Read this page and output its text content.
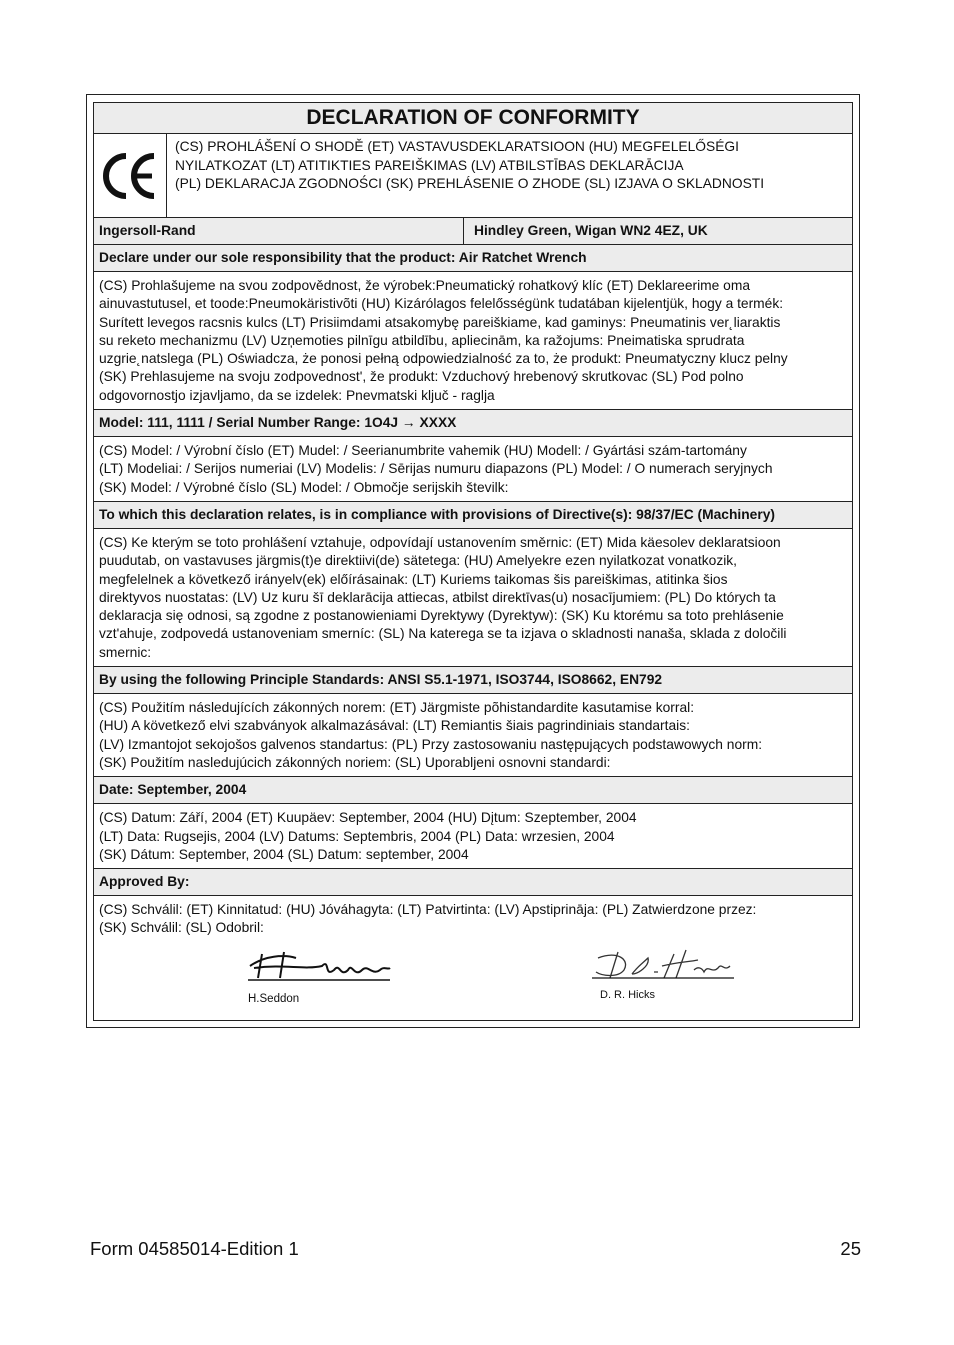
DECLARATION OF CONFORMITY
(CS) PROHLÁŠENÍ O SHODĚ (ET) VASTAVUSDEKLARATSIOON (HU) MEGFELELŐSÉGI
NYILATKOZAT (LT) ATITIKTIES PAREIŠKIMAS (LV) ATBILSTĪBAS DEKLARĀCIJA
(PL) DEKLARACJA ZGODNOŚCI (SK) PREHLÁSENIE O ZHODE (SL) IZJAVA O SKLADNOSTI
Ingersoll-Rand	Hindley Green, Wigan WN2 4EZ, UK
Declare under our sole responsibility that the product: Air Ratchet Wrench
(CS) Prohlašujeme na svou zodpovědnost, že výrobek:Pneumatický rohatkový klíc (ET) Deklareerime oma
ainuvastutusel, et toode:Pneumokäristivõti (HU) Kizárólagos felelősségünk tudatában kijelentjük, hogy a termék:
Surített levegos racsnis kulcs (LT) Prisiimdami atsakomybę pareiškiame, kad gaminys: Pneumatinis ver˛liaraktis
su reketo mechanizmu (LV) Uzņemoties pilnīgu atbildību, apliecinām, ka ražojums: Pneimatiska sprudrata
uzgrie˛natslega (PL) Oświadcza, że ponosi pełną odpowiedzialność za to, że produkt: Pneumatyczny klucz pelny
(SK) Prehlasujeme na svoju zodpovednost', že produkt: Vzduchový hrebenový skrutkovac (SL) Pod polno
odgovornostjo izjavljamo, da se izdelek: Pnevmatski ključ - raglja
Model: 111, 1111 / Serial Number Range: 1O4J → XXXX
(CS) Model: / Výrobní číslo (ET) Mudel: / Seerianumbrite vahemik (HU) Modell: / Gyártási szám-tartomány
(LT) Modeliai: / Serijos numeriai (LV) Modelis: / Sērijas numuru diapazons (PL) Model: / O numerach seryjnych
(SK) Model: / Výrobné číslo (SL) Model: / Območje serijskih številk:
To which this declaration relates, is in compliance with provisions of Directive(s): 98/37/EC (Machinery)
(CS) Ke kterým se toto prohlášení vztahuje, odpovídají ustanovením směrnic: (ET) Mida käesolev deklaratsioon
puudutab, on vastavuses järgmis(t)e direktiivi(de) sätetega: (HU) Amelyekre ezen nyilatkozat vonatkozik,
megfelelnek a következő irányelv(ek) előírásainak: (LT) Kuriems taikomas šis pareiškimas, atitinka šios
direktyvos nuostatas: (LV) Uz kuru šī deklarācija attiecas, atbilst direktīvas(u) nosacījumiem: (PL) Do których ta
deklaracja się odnosi, są zgodne z postanowieniami Dyrektywy (Dyrektyw): (SK) Ku ktorému sa toto prehlásenie
vzt'ahuje, zodpovedá ustanoveniam smerníc: (SL) Na katerega se ta izjava o skladnosti nanaša, sklada z določili
smernic:
By using the following Principle Standards: ANSI S5.1-1971, ISO3744, ISO8662, EN792
(CS) Použitím následujících zákonných norem: (ET) Järgmiste põhistandardite kasutamise korral:
(HU) A következő elvi szabványok alkalmazásával: (LT) Remiantis šiais pagrindiniais standartais:
(LV) Izmantojot sekojošos galvenos standartus: (PL) Przy zastosowaniu następujących podstawowych norm:
(SK) Použitím nasledujúcich zákonných noriem: (SL) Uporabljeni osnovni standardi:
Date: September, 2004
(CS) Datum: Září, 2004 (ET) Kuupäev: September, 2004 (HU) Dįtum: Szeptember, 2004
(LT) Data: Rugsejis, 2004 (LV) Datums: Septembris, 2004 (PL) Data: wrzesien, 2004
(SK) Dátum: September, 2004 (SL) Datum: september, 2004
Approved By:
(CS) Schválil: (ET) Kinnitatud: (HU) Jóváhagyta: (LT) Patvirtinta: (LV) Apstiprināja: (PL) Zatwierdzone przez:
(SK) Schválil: (SL) Odobril:
H.Seddon	D. R. Hicks
Form 04585014-Edition 1	25
